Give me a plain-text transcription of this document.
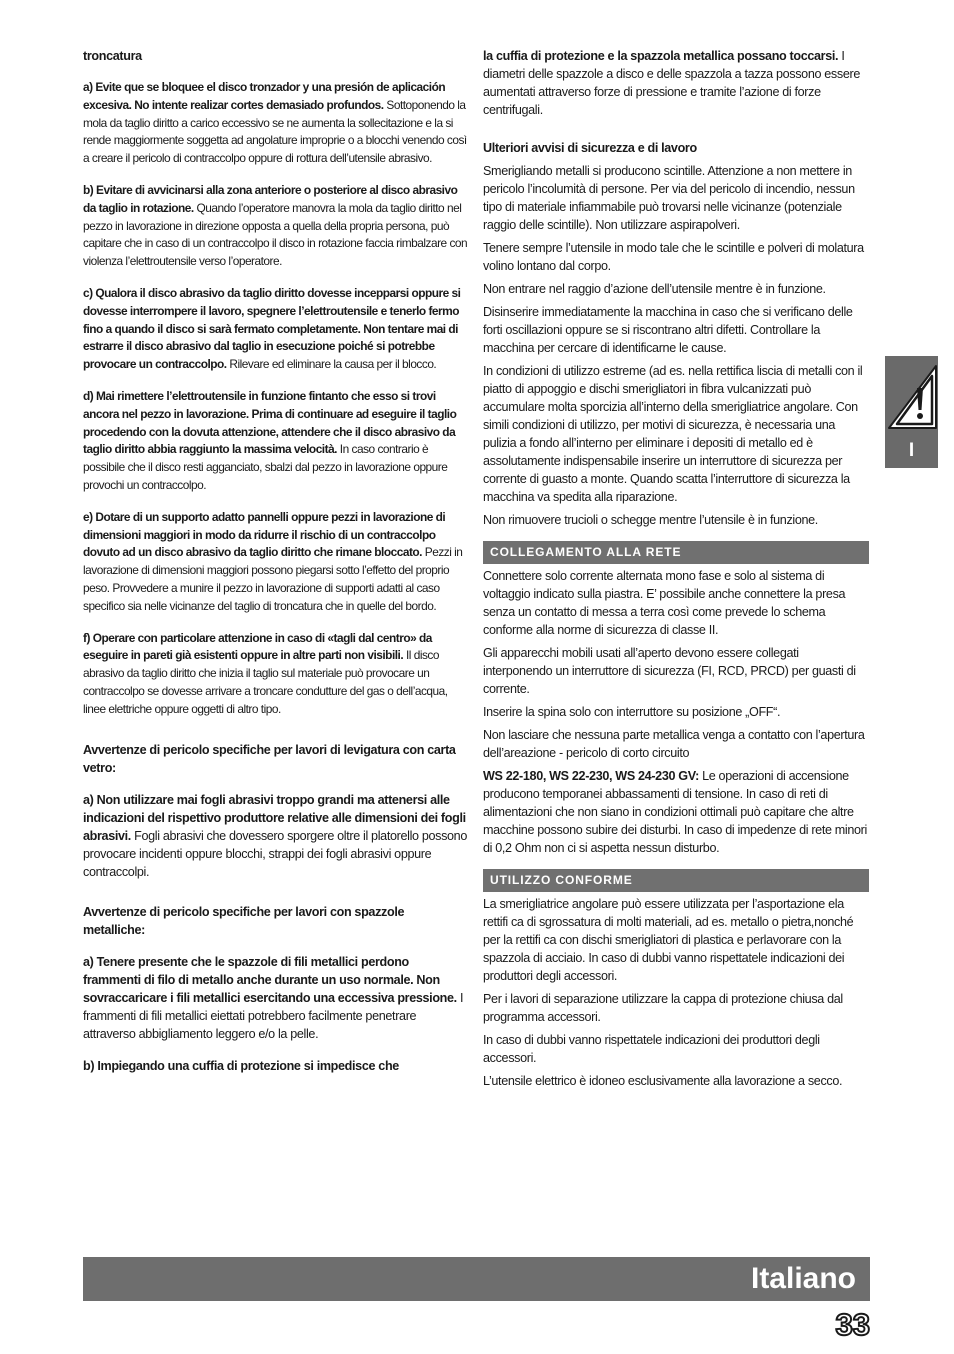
troncatura

a) Evite que se bloquee el disco tronzador y una presión de aplicación excesiva. No intente realizar cortes demasiado profundos. Sottoponendo la mola da taglio diritto a carico eccessivo se ne aumenta la sollecitazione e la si rende maggiormente soggetta ad angolature improprie o a blocchi venendo così a creare il pericolo di contraccolpo oppure di rottura dell’utensile abrasivo.

b) Evitare di avvicinarsi alla zona anteriore o posteriore al disco abrasivo da taglio in rotazione. Quando l’operatore manovra la mola da taglio diritto nel pezzo in lavorazione in direzione opposta a quella della propria persona, può capitare che in caso di un contraccolpo il disco in rotazione faccia rimbalzare con violenza l’elettroutensile verso l’operatore.

c) Qualora il disco abrasivo da taglio diritto dovesse incepparsi oppure si dovesse interrompere il lavoro, spegnere l’elettroutensile e tenerlo fermo fino a quando il disco si sarà fermato completamente. Non tentare mai di estrarre il disco abrasivo dal taglio in esecuzione poiché si potrebbe provocare un contraccolpo. Rilevare ed eliminare la causa per il blocco.

d) Mai rimettere l’elettroutensile in funzione fintanto che esso si trovi ancora nel pezzo in lavorazione. Prima di continuare ad eseguire il taglio procedendo con la dovuta attenzione, attendere che il disco abrasivo da taglio diritto abbia raggiunto la massima velocità. In caso contrario è possibile che il disco resti agganciato, sbalzi dal pezzo in lavorazione oppure provochi un contraccolpo.

e) Dotare di un supporto adatto pannelli oppure pezzi in lavorazione di dimensioni maggiori in modo da ridurre il rischio di un contraccolpo dovuto ad un disco abrasivo da taglio diritto che rimane bloccato. Pezzi in lavorazione di dimensioni maggiori possono piegarsi sotto l’effetto del proprio peso. Provvedere a munire il pezzo in lavorazione di supporti adatti al caso specifico sia nelle vicinanze del taglio di troncatura che in quelle del bordo.

f) Operare con particolare attenzione in caso di «tagli dal centro» da eseguire in pareti già esistenti oppure in altre parti non visibili. Il disco abrasivo da taglio diritto che inizia il taglio sul materiale può provocare un contraccolpo se dovesse arrivare a troncare condutture del gas o dell’acqua, linee elettriche oppure oggetti di altro tipo.

Avvertenze di pericolo specifiche per lavori di levigatura con carta vetro:

a) Non utilizzare mai fogli abrasivi troppo grandi ma attenersi alle indicazioni del rispettivo produttore relative alle dimensioni dei fogli abrasivi. Fogli abrasivi che dovessero sporgere oltre il platorello possono provocare incidenti oppure blocchi, strappi dei fogli abrasivi oppure contraccolpi.

Avvertenze di pericolo specifiche per lavori con spazzole metalliche:

a) Tenere presente che le spazzole di fili metallici perdono frammenti di filo di metallo anche durante un uso normale. Non sovraccaricare i fili metallici esercitando una eccessiva pressione. I frammenti di fili metallici eiettati potrebbero facilmente penetrare attraverso abbigliamento leggero e/o la pelle.

b) Impiegando una cuffia di protezione si impedisce che

la cuffia di protezione e la spazzola metallica possano toccarsi. I diametri delle spazzole a disco e delle spazzola a tazza possono essere aumentati attraverso forze di pressione e tramite l’azione di forze centrifugali.

Ulteriori avvisi di sicurezza e di lavoro

Smerigliando metalli si producono scintille. Attenzione a non mettere in pericolo l’incolumità di persone. Per via del pericolo di incendio, nessun tipo di materiale infiammabile può trovarsi nelle vicinanze (potenziale raggio delle scintille). Non utilizzare aspirapolveri.

Tenere sempre l’utensile in modo tale che le scintille e polveri di molatura volino lontano dal corpo.

Non entrare nel raggio d’azione dell’utensile mentre è in funzione.

Disinserire immediatamente la macchina in caso che si verificano delle forti oscillazioni oppure se si riscontrano altri difetti. Controllare la macchina per cercare di identificarne le cause.

In condizioni di utilizzo estreme (ad es. nella rettifica liscia di metalli con il piatto di appoggio e dischi smerigliatori in fibra vulcanizzati può accumulare molta sporcizia all’interno della smerigliatrice angolare. Con simili condizioni di utilizzo, per motivi di sicurezza, è necessaria una pulizia a fondo all’interno per eliminare i depositi di metallo ed è assolutamente indispensabile inserire un interruttore di sicurezza per corrente di guasto a monte. Quando scatta l’interruttore di sicurezza la macchina va spedita alla riparazione.

Non rimuovere trucioli o schegge mentre l’utensile è in funzione.

COLLEGAMENTO ALLA RETE

Connettere solo corrente alternata mono fase e solo al sistema di voltaggio indicato sulla piastra. E’ possibile anche connettere la presa senza un contatto di messa a terra così come prevede lo schema conforme alla norme di sicurezza di classe II.

Gli apparecchi mobili usati all’aperto devono essere collegati interponendo un interruttore di sicurezza (FI, RCD, PRCD) per guasti di corrente.

Inserire la spina solo con interruttore su posizione „OFF“.

Non lasciare che nessuna parte metallica venga a contatto con l’apertura dell’areazione - pericolo di corto circuito

WS 22-180, WS 22-230, WS 24-230 GV: Le operazioni di accensione producono temporanei abbassamenti di tensione. In caso di reti di alimentazioni che non siano in condizioni ottimali può capitare che altre macchine possono subire dei disturbi. In caso di impedenze di rete minori di 0,2 Ohm non ci si aspetta nessun disturbo.

UTILIZZO CONFORME

La smerigliatrice angolare può essere utilizzata per l’asportazione ela rettifi ca di sgrossatura di molti materiali, ad es. metallo o pietra,nonché per la rettifi ca con dischi smerigliatori di plastica e perlavorare con la spazzola di acciaio. In caso di dubbi vanno rispettatele indicazioni dei produttori degli accessori.

Per i lavori di separazione utilizzare la cappa di protezione chiusa dal programma accessori.

In caso di dubbi vanno rispettatele indicazioni dei produttori degli accessori.

L’utensile elettrico è idoneo esclusivamente alla lavorazione a secco.

I
Italiano
33
